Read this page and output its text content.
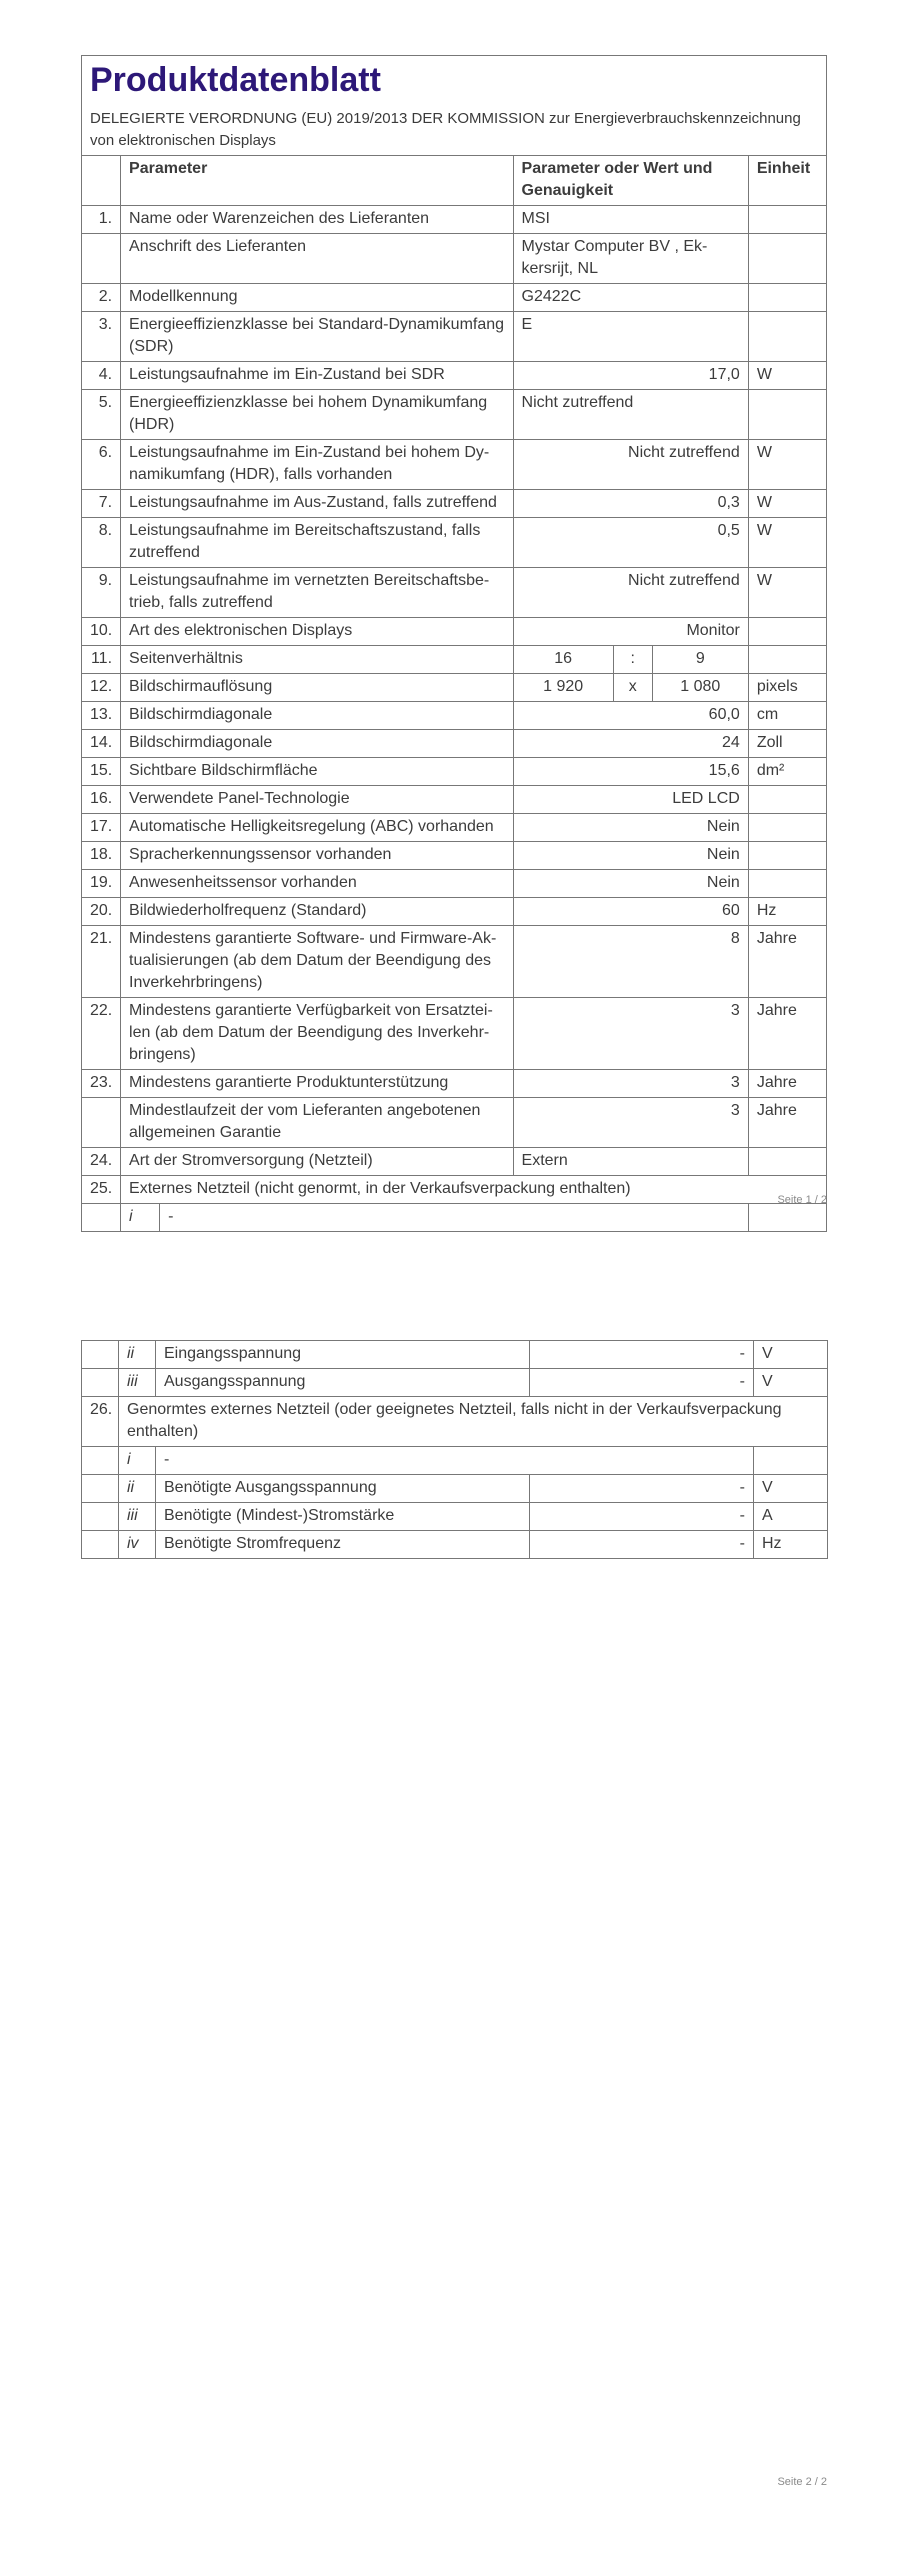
Produktdatenblatt
DELEGIERTE VERORDNUNG (EU) 2019/2013 DER KOMMISSION zur Energieverbrauchskennzeichnung von elektronischen Displays						

	Parameter		Parameter oder Wert und Genauigkeit			Einheit
1.	Name oder Warenzeichen des Lieferanten		MSI			
	Anschrift des Lieferanten		Mystar Computer BV , Ek-kersrijt, NL			
2.	Modellkennung		G2422C			
3.	Energieeffizienzklasse bei Standard-Dynamikumfang (SDR)		E			
4.	Leistungsaufnahme im Ein-Zustand bei SDR		17,0			W
5.	Energieeffizienzklasse bei hohem Dynamikumfang (HDR)		Nicht zutreffend			
6.	Leistungsaufnahme im Ein-Zustand bei hohem Dy-namikumfang (HDR), falls vorhanden		Nicht zutreffend			W
7.	Leistungsaufnahme im Aus-Zustand, falls zutreffend		0,3			W
8.	Leistungsaufnahme im Bereitschaftszustand, falls zutreffend		0,5			W
9.	Leistungsaufnahme im vernetzten Bereitschaftsbe-trieb, falls zutreffend		Nicht zutreffend			W
10.	Art des elektronischen Displays		Monitor			
11.	Seitenverhältnis		16	:	9	
12.	Bildschirmauflösung		1 920	x	1 080	pixels
13.	Bildschirmdiagonale		60,0			cm
14.	Bildschirmdiagonale		24			Zoll
15.	Sichtbare Bildschirmfläche		15,6			dm²
16.	Verwendete Panel-Technologie		LED LCD			
17.	Automatische Helligkeitsregelung (ABC) vorhanden		Nein			
18.	Spracherkennungssensor vorhanden		Nein			
19.	Anwesenheitssensor vorhanden		Nein			
20.	Bildwiederholfrequenz (Standard)		60			Hz
21.	Mindestens garantierte Software- und Firmware-Ak-tualisierungen (ab dem Datum der Beendigung des Inverkehrbringens)		8			Jahre
22.	Mindestens garantierte Verfügbarkeit von Ersatztei-len (ab dem Datum der Beendigung des Inverkehr-bringens)		3			Jahre
23.	Mindestens garantierte Produktunterstützung		3			Jahre
	Mindestlaufzeit der vom Lieferanten angebotenen allgemeinen Garantie		3			Jahre
24.	Art der Stromversorgung (Netzteil)		Extern			
25.	Externes Netzteil (nicht genormt, in der Verkaufsverpackung enthalten)					
	i	-				
Seite 1 / 2
	ii	Eingangsspannung	-	V
	iii	Ausgangsspannung	-	V
26.	Genormtes externes Netzteil (oder geeignetes Netzteil, falls nicht in der Verkaufsverpackung enthalten)			
	i	-		
	ii	Benötigte Ausgangsspannung	-	V
	iii	Benötigte (Mindest-)Stromstärke	-	A
	iv	Benötigte Stromfrequenz	-	Hz
Seite 2 / 2
